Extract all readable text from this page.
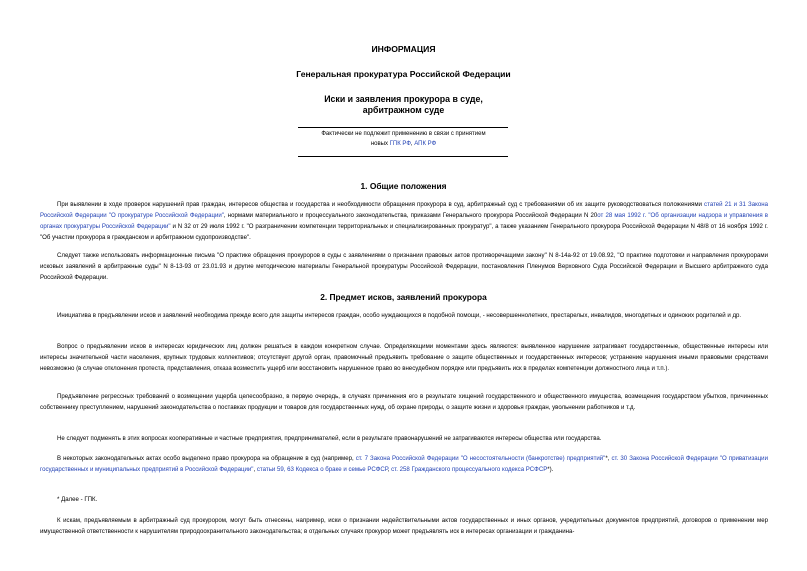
ИНФОРМАЦИЯ
Генеральная прокуратура Российской Федерации
Иски и заявления прокурора в суде,
арбитражном суде
Фактически не подлежит применению в связи с принятием
новых ГПК РФ, АПК РФ
1. Общие положения
При выявлении в ходе проверок нарушений прав граждан, интересов общества и государства и необходимости обращения прокурора в суд, арбитражный суд с требованиями об их защите руководствоваться положениями статей 21 и 31 Закона Российской Федерации "О прокуратуре Российской Федерации", нормами материального и процессуального законодательства, приказами Генерального прокурора Российской Федерации N 20от 28 мая 1992 г. "Об организации надзора и управления в органах прокуратуры Российской Федерации" и N 32 от 29 июля 1992 г. "О разграничении компетенции территориальных и специализированных прокуратур", а также указанием Генерального прокурора Российской Федерации N 48/8 от 16 ноября 1992 г. "Об участии прокурора в гражданском и арбитражном судопроизводстве".
Следует также использовать информационные письма "О практике обращения прокуроров в суды с заявлениями о признании правовых актов противоречащими закону" N 8-14а-92 от 19.08.92, "О практике подготовки и направления прокурорами исковых заявлений в арбитражные суды" N 8-13-93 от 23.01.93 и другие методические материалы Генеральной прокуратуры Российской Федерации, постановления Пленумов Верховного Суда Российской Федерации и Высшего арбитражного суда Российской Федерации.
2. Предмет исков, заявлений прокурора
Инициатива в предъявлении исков и заявлений необходима прежде всего для защиты интересов граждан, особо нуждающихся в подобной помощи, - несовершеннолетних, престарелых, инвалидов, многодетных и одиноких родителей и др.
Вопрос о предъявлении исков в интересах юридических лиц должен решаться в каждом конкретном случае. Определяющими моментами здесь являются: выявленное нарушение затрагивает государственные, общественные интересы или интересы значительной части населения, крупных трудовых коллективов; отсутствует другой орган, правомочный предъявить требование о защите общественных и государственных интересов; устранение нарушения иными правовыми средствами невозможно (в случае отклонения протеста, представления, отказа возместить ущерб или восстановить нарушенное право во внесудебном порядке или предъявить иск в пределах компетенции должностного лица и т.п.).
Предъявление регрессных требований о возмещении ущерба целесообразно, в первую очередь, в случаях причинения его в результате хищений государственного и общественного имущества, возмещения государством убытков, причиненных собственнику преступлением, нарушений законодательства о поставках продукции и товаров для государственных нужд, об охране природы, о защите жизни и здоровья граждан, увольнении работников и т.д.
Не следует подменять в этих вопросах кооперативные и частные предприятия, предпринимателей, если в результате правонарушений не затрагиваются интересы общества или государства.
В некоторых законодательных актах особо выделено право прокурора на обращение в суд (например, ст. 7 Закона Российской Федерации "О несостоятельности (банкротстве) предприятий"*, ст. 30 Закона Российской Федерации "О приватизации государственных и муниципальных предприятий в Российской Федерации", статьи 59, 63 Кодекса о браке и семье РСФСР, ст. 258 Гражданского процессуального кодекса РСФСР*).
* Далее - ГПК.
К искам, предъявляемым в арбитражный суд прокурором, могут быть отнесены, например, иски о признании недействительными актов государственных и иных органов, учредительных документов предприятий, договоров о применении мер имущественной ответственности к нарушителям природоохранительного законодательства; в отдельных случаях прокурор может предъявлять иск в интересах организации и гражданина-
